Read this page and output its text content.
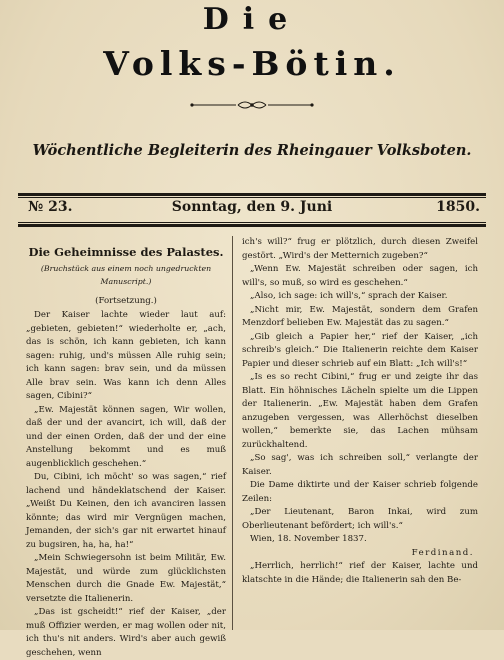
Die
Volks-Bötin.
Wöchentliche Begleiterin des Rheingauer Volksboten.
№ 23.	Sonntag, den 9. Juni	1850.

Die Geheimnisse des Palastes.

(Bruchstück aus einem noch ungedruckten Manuscript.)

(Fortsetzung.)

Der Kaiser lachte wieder laut auf: „gebieten, gebieten!“ wiederholte er, „ach, das is schön, ich kann gebieten, ich kann sagen: ruhig, und's müssen Alle ruhig sein; ich kann sagen: brav sein, und da müssen Alle brav sein. Was kann ich denn Alles sagen, Cibini?“

„Ew. Majestät können sagen, Wir wollen, daß der und der avancirt, ich will, daß der und der einen Orden, daß der und der eine Anstellung bekommt und es muß augenblicklich geschehen.“

Du, Cibini, ich möcht' so was sagen,“ rief lachend und händeklatschend der Kaiser. „Weißt Du Keinen, den ich avanciren lassen könnte; das wird mir Vergnügen machen, Jemanden, der sich's gar nit erwartet hinauf zu bugsiren, ha, ha, ha!“

„Mein Schwiegersohn ist beim Militär, Ew. Majestät, und würde zum glücklichsten Menschen durch die Gnade Ew. Majestät,“ versetzte die Italienerin.

„Das ist gscheidt!“ rief der Kaiser, „der muß Offizier werden, er mag wollen oder nit, ich thu's nit anders. Wird's aber auch gewiß geschehen, wenn

ich's will?“ frug er plötzlich, durch diesen Zweifel gestört. „Wird's der Metternich zugeben?“

„Wenn Ew. Majestät schreiben oder sagen, ich will's, so muß, so wird es geschehen.“

„Also, ich sage: ich will's,“ sprach der Kaiser.

„Nicht mir, Ew. Majestät, sondern dem Grafen Menzdorf belieben Ew. Majestät das zu sagen.“

„Gib gleich a Papier her,“ rief der Kaiser, „ich schreib's gleich.“ Die Italienerin reichte dem Kaiser Papier und dieser schrieb auf ein Blatt: „Ich will's!“

„Is es so recht Cibini,“ frug er und zeigte ihr das Blatt. Ein höhnisches Lächeln spielte um die Lippen der Italienerin. „Ew. Majestät haben dem Grafen anzugeben vergessen, was Allerhöchst dieselben wollen,“ bemerkte sie, das Lachen mühsam zurückhaltend.

„So sag', was ich schreiben soll,“ verlangte der Kaiser.

Die Dame diktirte und der Kaiser schrieb folgende Zeilen:

„Der Lieutenant, Baron Inkai, wird zum Oberlieutenant befördert; ich will's.“

Wien, 18. November 1837.

Ferdinand.

„Herrlich, herrlich!“ rief der Kaiser, lachte und klatschte in die Hände; die Italienerin sah den Be-
